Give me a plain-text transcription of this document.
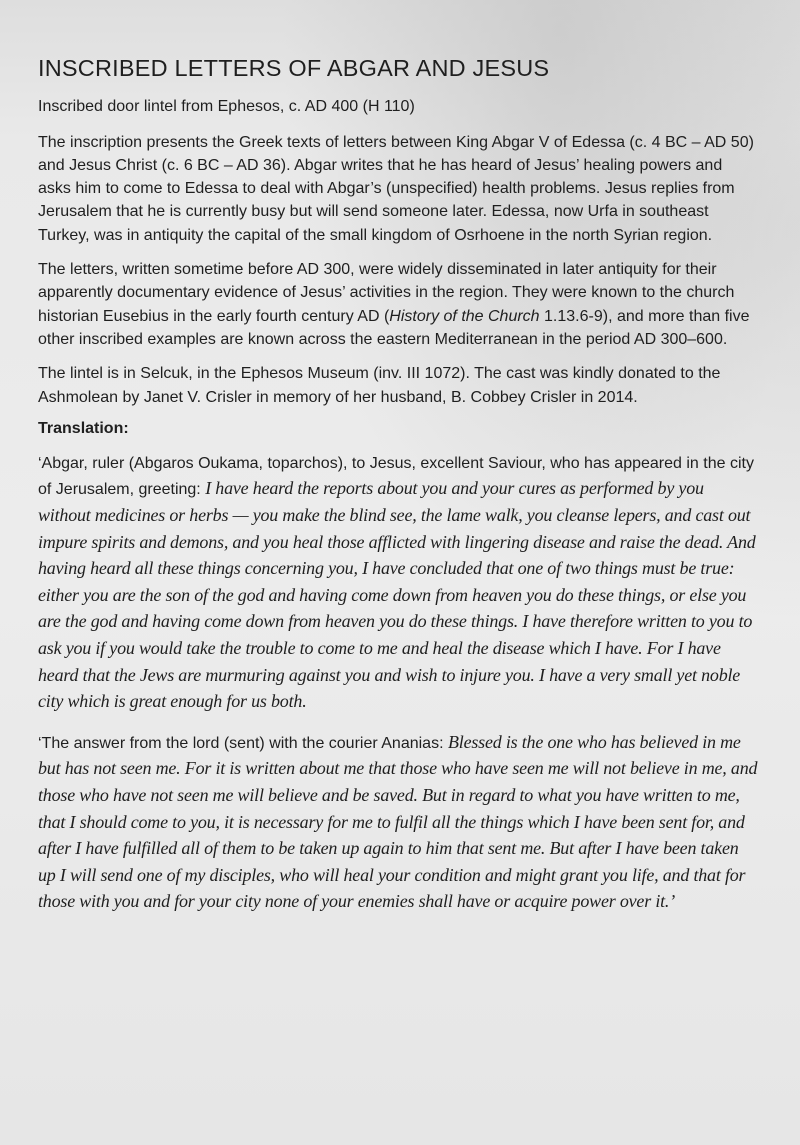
INSCRIBED LETTERS OF ABGAR AND JESUS

Inscribed door lintel from Ephesos, c. AD 400 (H 110)

The inscription presents the Greek texts of letters between King Abgar V of Edessa (c. 4 BC – AD 50) and Jesus Christ (c. 6 BC – AD 36). Abgar writes that he has heard of Jesus’ healing powers and asks him to come to Edessa to deal with Abgar’s (unspecified) health problems. Jesus replies from Jerusalem that he is currently busy but will send someone later. Edessa, now Urfa in southeast Turkey, was in antiquity the capital of the small kingdom of Osrhoene in the north Syrian region.

The letters, written sometime before AD 300, were widely disseminated in later antiquity for their apparently documentary evidence of Jesus’ activities in the region. They were known to the church historian Eusebius in the early fourth century AD (History of the Church 1.13.6-9), and more than five other inscribed examples are known across the eastern Mediterranean in the period AD 300–600.

The lintel is in Selcuk, in the Ephesos Museum (inv. III 1072). The cast was kindly donated to the Ashmolean by Janet V. Crisler in memory of her husband, B. Cobbey Crisler in 2014.

Translation:

‘Abgar, ruler (Abgaros Oukama, toparchos), to Jesus, excellent Saviour, who has appeared in the city of Jerusalem, greeting: I have heard the reports about you and your cures as performed by you without medicines or herbs — you make the blind see, the lame walk, you cleanse lepers, and cast out impure spirits and demons, and you heal those afflicted with lingering disease and raise the dead. And having heard all these things concerning you, I have concluded that one of two things must be true: either you are the son of the god and having come down from heaven you do these things, or else you are the god and having come down from heaven you do these things. I have therefore written to you to ask you if you would take the trouble to come to me and heal the disease which I have. For I have heard that the Jews are murmuring against you and wish to injure you. I have a very small yet noble city which is great enough for us both.

‘The answer from the lord (sent) with the courier Ananias: Blessed is the one who has believed in me but has not seen me. For it is written about me that those who have seen me will not believe in me, and those who have not seen me will believe and be saved. But in regard to what you have written to me, that I should come to you, it is necessary for me to fulfil all the things which I have been sent for, and after I have fulfilled all of them to be taken up again to him that sent me. But after I have been taken up I will send one of my disciples, who will heal your condition and might grant you life, and that for those with you and for your city none of your enemies shall have or acquire power over it.’
